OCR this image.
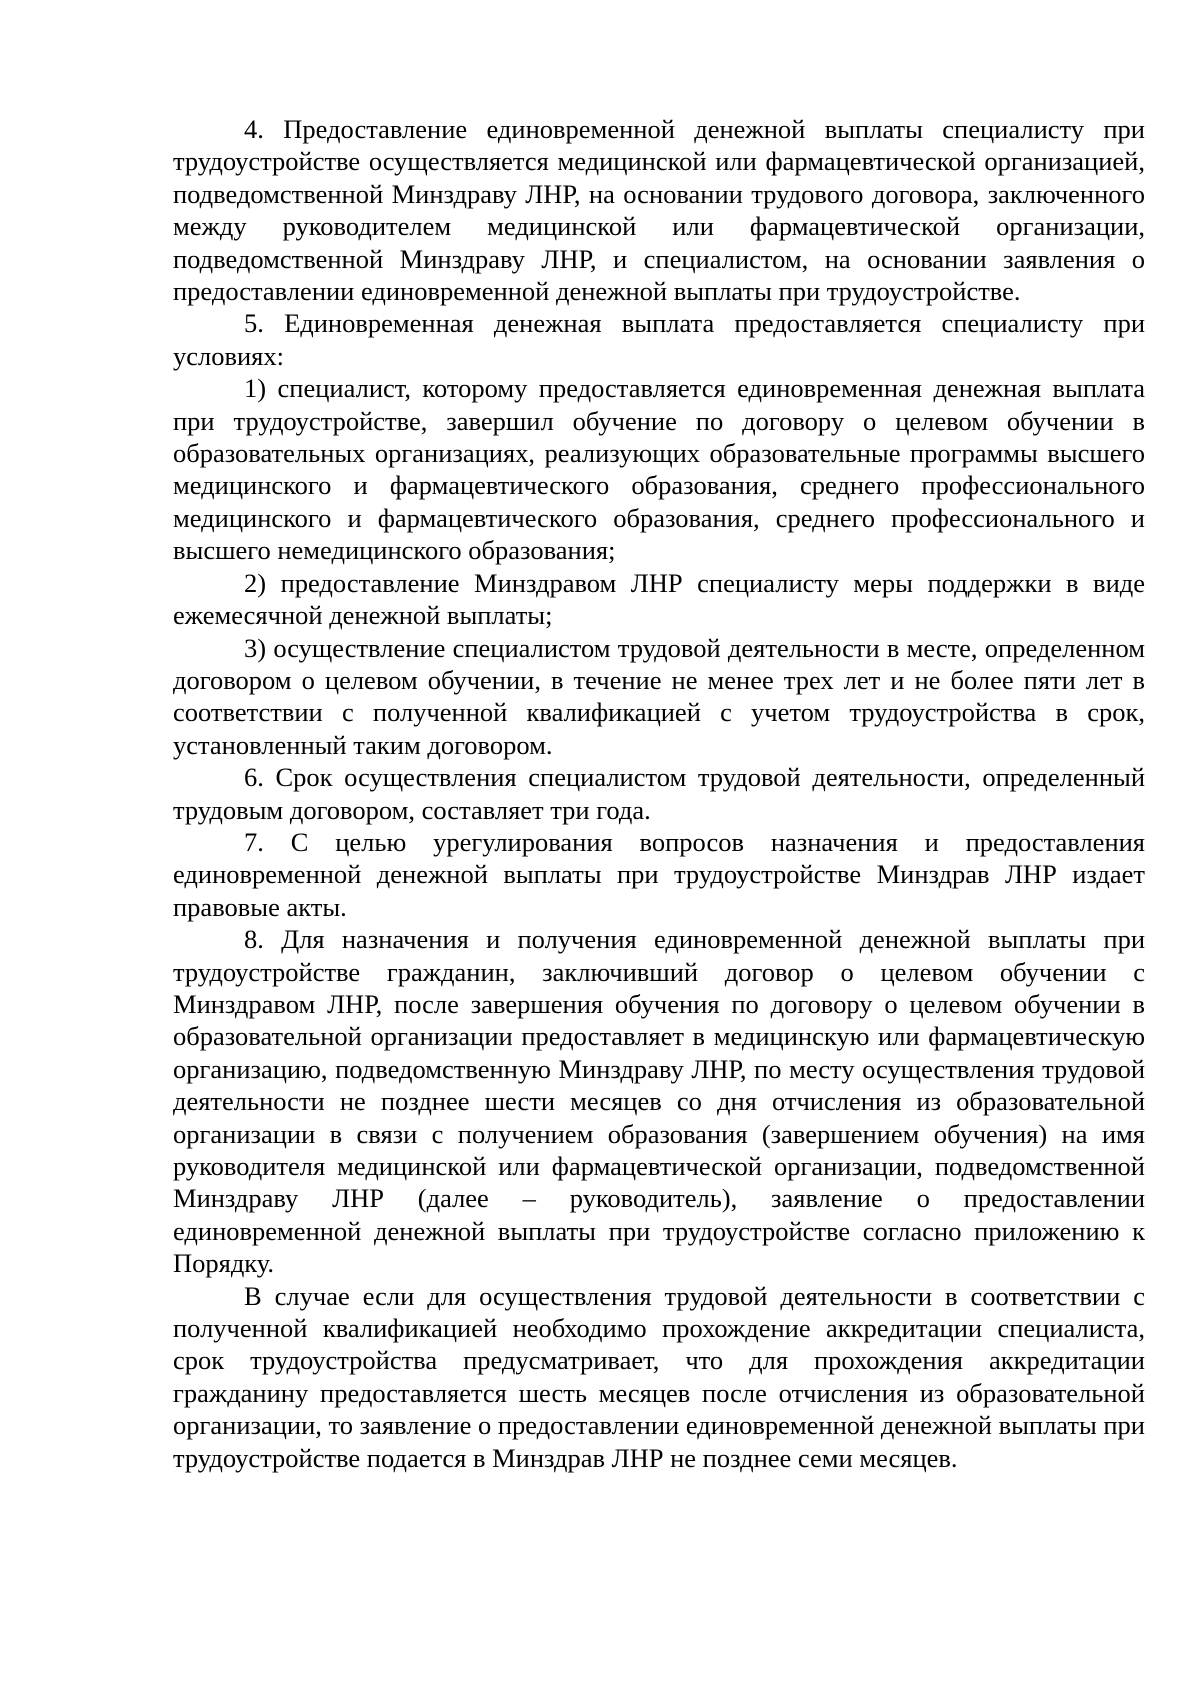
4. Предоставление единовременной денежной выплаты специалисту при трудоустройстве осуществляется медицинской или фармацевтической организацией, подведомственной Минздраву ЛНР, на основании трудового договора, заключенного между руководителем медицинской или фармацевтической организации, подведомственной Минздраву ЛНР, и специалистом, на основании заявления о предоставлении единовременной денежной выплаты при трудоустройстве.

5. Единовременная денежная выплата предоставляется специалисту при условиях:

1) специалист, которому предоставляется единовременная денежная выплата при трудоустройстве, завершил обучение по договору о целевом обучении в образовательных организациях, реализующих образовательные программы высшего медицинского и фармацевтического образования, среднего профессионального медицинского и фармацевтического образования, среднего профессионального и высшего немедицинского образования;

2) предоставление Минздравом ЛНР специалисту меры поддержки в виде ежемесячной денежной выплаты;

3) осуществление специалистом трудовой деятельности в месте, определенном договором о целевом обучении, в течение не менее трех лет и не более пяти лет в соответствии с полученной квалификацией с учетом трудоустройства в срок, установленный таким договором.

6. Срок осуществления специалистом трудовой деятельности, определенный трудовым договором, составляет три года.

7. С целью урегулирования вопросов назначения и предоставления единовременной денежной выплаты при трудоустройстве Минздрав ЛНР издает правовые акты.

8. Для назначения и получения единовременной денежной выплаты при трудоустройстве гражданин, заключивший договор о целевом обучении с Минздравом ЛНР, после завершения обучения по договору о целевом обучении в образовательной организации предоставляет в медицинскую или фармацевтическую организацию, подведомственную Минздраву ЛНР, по месту осуществления трудовой деятельности не позднее шести месяцев со дня отчисления из образовательной организации в связи с получением образования (завершением обучения) на имя руководителя медицинской или фармацевтической организации, подведомственной Минздраву ЛНР (далее – руководитель), заявление о предоставлении единовременной денежной выплаты при трудоустройстве согласно приложению к Порядку.

В случае если для осуществления трудовой деятельности в соответствии с полученной квалификацией необходимо прохождение аккредитации специалиста, срок трудоустройства предусматривает, что для прохождения аккредитации гражданину предоставляется шесть месяцев после отчисления из образовательной организации, то заявление о предоставлении единовременной денежной выплаты при трудоустройстве подается в Минздрав ЛНР не позднее семи месяцев.
